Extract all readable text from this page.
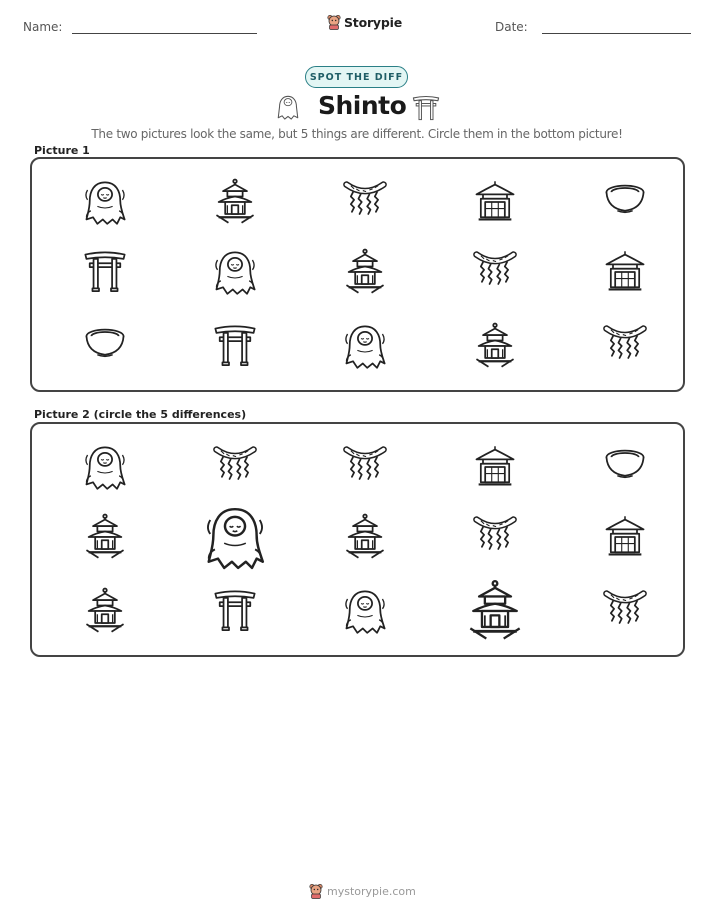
Name:	Storypie	Date:
SPOT THE DIFF
Shinto
The two pictures look the same, but 5 things are different. Circle them in the bottom picture!
Picture 1
Picture 2 (circle the 5 differences)
mystorypie.com
